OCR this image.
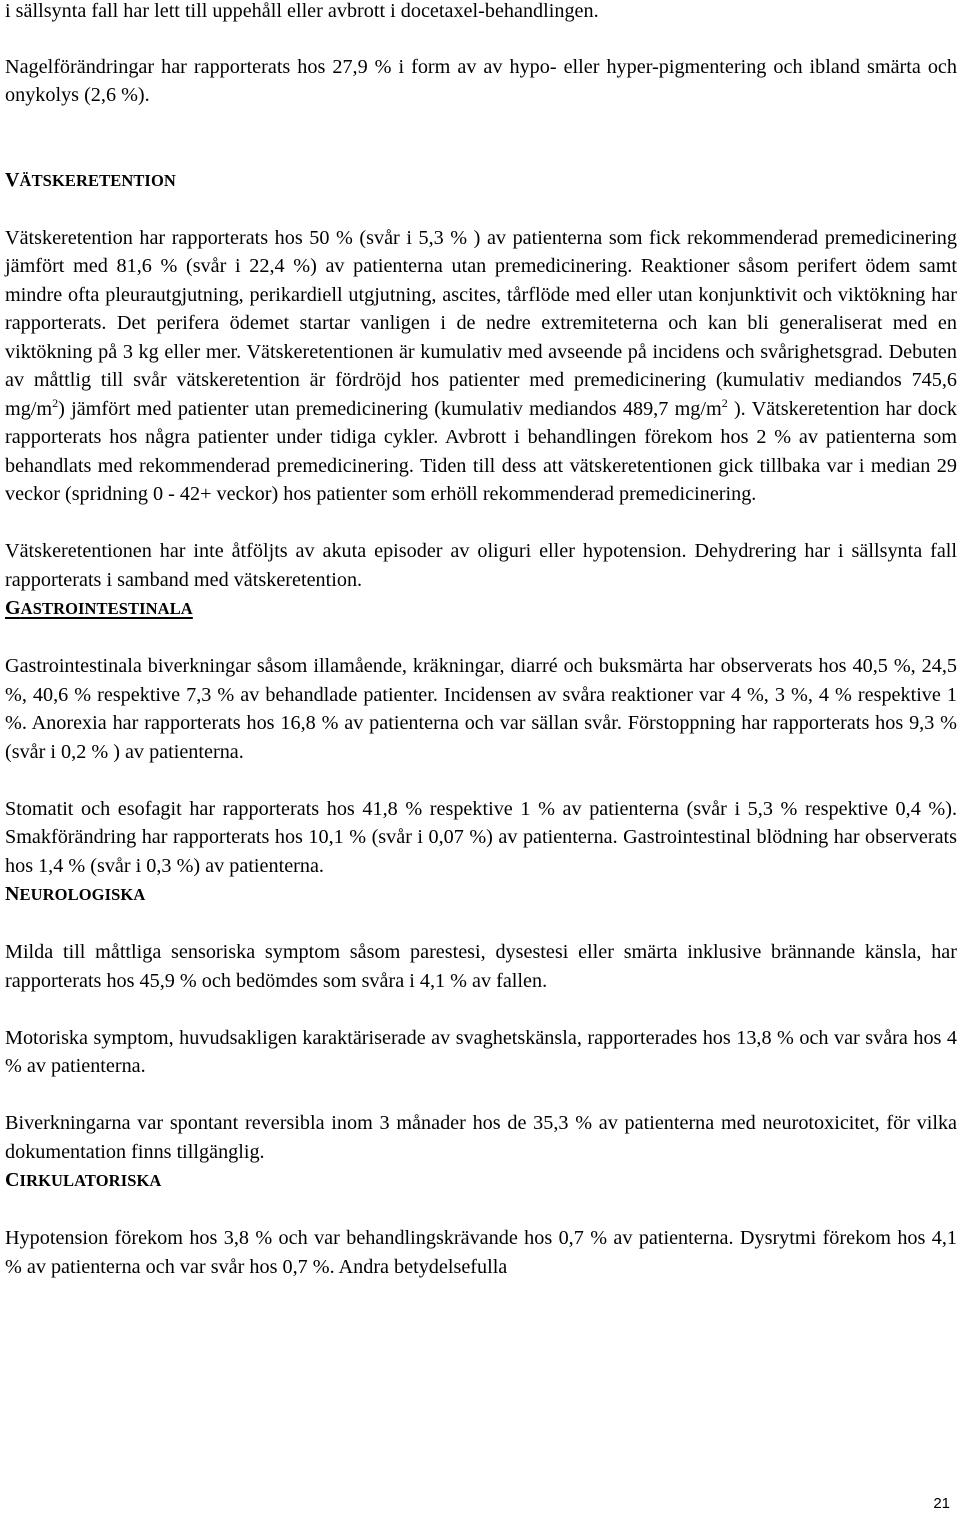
i sällsynta fall har lett till uppehåll eller avbrott i docetaxel-behandlingen.

Nagelförändringar har rapporterats hos 27,9 % i form av av hypo- eller hyper-pigmentering och ibland smärta och onykolys (2,6 %).

VÄTSKERETENTION

Vätskeretention har rapporterats hos 50 % (svår i 5,3 % ) av patienterna som fick rekommenderad premedicinering jämfört med 81,6 % (svår i 22,4 %) av patienterna utan premedicinering. Reaktioner såsom perifert ödem samt mindre ofta pleurautgjutning, perikardiell utgjutning, ascites, tårflöde med eller utan konjunktivit och viktökning har rapporterats. Det perifera ödemet startar vanligen i de nedre extremiteterna och kan bli generaliserat med en viktökning på 3 kg eller mer. Vätskeretentionen är kumulativ med avseende på incidens och svårighetsgrad. Debuten av måttlig till svår vätskeretention är fördröjd hos patienter med premedicinering (kumulativ mediandos 745,6 $mg/m^2$) jämfört med patienter utan premedicinering (kumulativ mediandos 489,7 $mg/m^2$ ). Vätskeretention har dock rapporterats hos några patienter under tidiga cykler. Avbrott i behandlingen förekom hos 2 % av patienterna som behandlats med rekommenderad premedicinering. Tiden till dess att vätskeretentionen gick tillbaka var i median 29 veckor (spridning 0 - 42+ veckor) hos patienter som erhöll rekommenderad premedicinering.

Vätskeretentionen har inte åtföljts av akuta episoder av oliguri eller hypotension. Dehydrering har i sällsynta fall rapporterats i samband med vätskeretention.

GASTROINTESTINALA

Gastrointestinala biverkningar såsom illamående, kräkningar, diarré och buksmärta har observerats hos 40,5 %, 24,5 %, 40,6 % respektive 7,3 % av behandlade patienter. Incidensen av svåra reaktioner var 4 %, 3 %, 4 % respektive 1 %. Anorexia har rapporterats hos 16,8 % av patienterna och var sällan svår. Förstoppning har rapporterats hos 9,3 % (svår i 0,2 % ) av patienterna.

Stomatit och esofagit har rapporterats hos 41,8 % respektive 1 % av patienterna (svår i 5,3 % respektive 0,4 %). Smakförändring har rapporterats hos 10,1 % (svår i 0,07 %) av patienterna. Gastrointestinal blödning har observerats hos 1,4 % (svår i 0,3 %) av patienterna.

NEUROLOGISKA

Milda till måttliga sensoriska symptom såsom parestesi, dysestesi eller smärta inklusive brännande känsla, har rapporterats hos 45,9 % och bedömdes som svåra i 4,1 % av fallen.

Motoriska symptom, huvudsakligen karaktäriserade av svaghetskänsla, rapporterades hos 13,8 % och var svåra hos 4 % av patienterna.

Biverkningarna var spontant reversibla inom 3 månader hos de 35,3 % av patienterna med neurotoxicitet, för vilka dokumentation finns tillgänglig.

CIRKULATORISKA

Hypotension förekom hos 3,8 % och var behandlingskrävande hos 0,7 % av patienterna. Dysrytmi förekom hos 4,1 % av patienterna och var svår hos 0,7 %. Andra betydelsefulla

21
